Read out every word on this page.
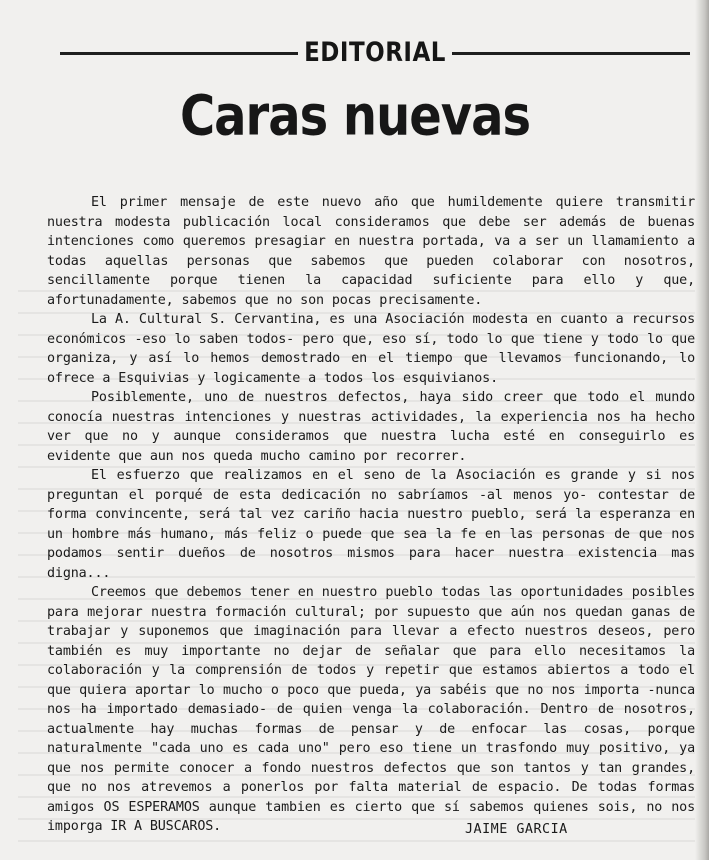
EDITORIAL
Caras nuevas

El primer mensaje de este nuevo año que humildemente quiere transmitir nuestra modesta publicación local consideramos que debe ser además de buenas intenciones como queremos presagiar en nuestra portada, va a ser un llamamiento a todas aquellas personas que sabemos que pueden colaborar con nosotros, sencillamente porque tienen la capacidad suficiente para ello y que, afortunadamente, sabemos que no son pocas precisamente.

La A. Cultural S. Cervantina, es una Asociación modesta en cuanto a recursos económicos -eso lo saben todos- pero que, eso sí, todo lo que tiene y todo lo que organiza, y así lo hemos demostrado en el tiempo que llevamos funcionando, lo ofrece a Esquivias y logicamente a todos los esquivianos.

Posiblemente, uno de nuestros defectos, haya sido creer que todo el mundo conocía nuestras intenciones y nuestras actividades, la experiencia nos ha hecho ver que no y aunque consideramos que nuestra lucha esté en conseguirlo es evidente que aun nos queda mucho camino por recorrer.

El esfuerzo que realizamos en el seno de la Asociación es grande y si nos preguntan el porqué de esta dedicación no sabríamos -al menos yo- contestar de forma convincente, será tal vez cariño hacia nuestro pueblo, será la esperanza en un hombre más humano, más feliz o puede que sea la fe en las personas de que nos podamos sentir dueños de nosotros mismos para hacer nuestra existencia mas digna...

Creemos que debemos tener en nuestro pueblo todas las oportunidades posibles para mejorar nuestra formación cultural; por supuesto que aún nos quedan ganas de trabajar y suponemos que imaginación para llevar a efecto nuestros deseos, pero también es muy importante no dejar de señalar que para ello necesitamos la colaboración y la comprensión de todos y repetir que estamos abiertos a todo el que quiera aportar lo mucho o poco que pueda, ya sabéis que no nos importa -nunca nos ha importado demasiado- de quien venga la colaboración. Dentro de nosotros, actualmente hay muchas formas de pensar y de enfocar las cosas, porque naturalmente "cada uno es cada uno" pero eso tiene un trasfondo muy positivo, ya que nos permite conocer a fondo nuestros defectos que son tantos y tan grandes, que no nos atrevemos a ponerlos por falta material de espacio. De todas formas amigos OS ESPERAMOS aunque tambien es cierto que sí sabemos quienes sois, no nos imporga IR A BUSCAROS.	JAIME GARCIA
